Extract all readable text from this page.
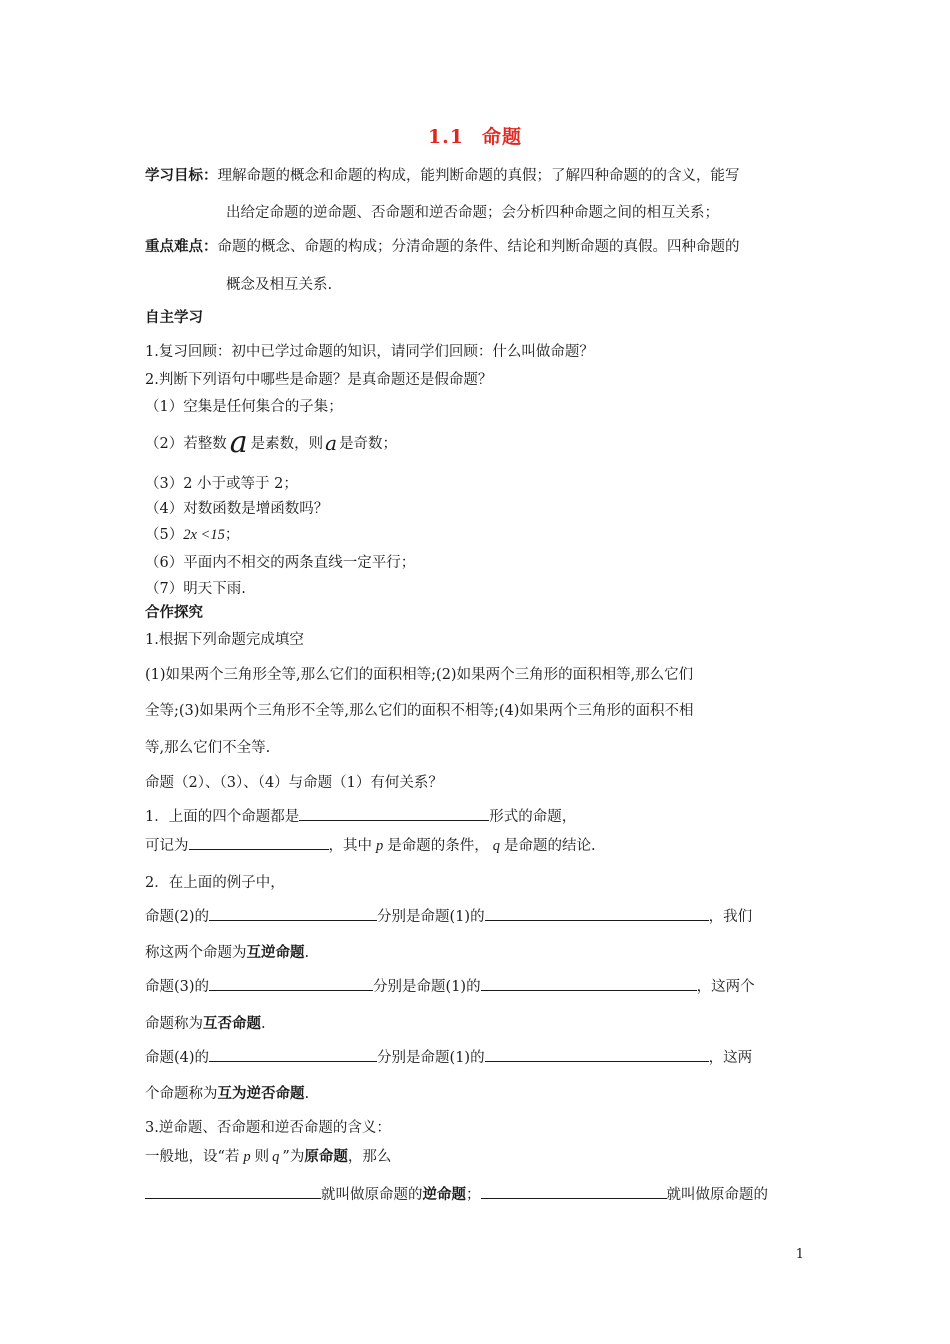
1.1 命题
学习目标：理解命题的概念和命题的构成，能判断命题的真假；了解四种命题的的含义，能写
出给定命题的逆命题、否命题和逆否命题；会分析四种命题之间的相互关系；
重点难点：命题的概念、命题的构成；分清命题的条件、结论和判断命题的真假。四种命题的
概念及相互关系.
自主学习
1.复习回顾：初中已学过命题的知识，请同学们回顾：什么叫做命题？
2.判断下列语句中哪些是命题？是真命题还是假命题？
（1）空集是任何集合的子集；
（2）若整数 a 是素数，则 a 是奇数；
（3）2 小于或等于 2；
（4）对数函数是增函数吗？
（5）2x <15；
（6）平面内不相交的两条直线一定平行；
（7）明天下雨.
合作探究
1.根据下列命题完成填空
(1)如果两个三角形全等,那么它们的面积相等;(2)如果两个三角形的面积相等,那么它们
全等;(3)如果两个三角形不全等,那么它们的面积不相等;(4)如果两个三角形的面积不相
等,那么它们不全等.
命题（2）、（3）、（4）与命题（1）有何关系？
1．上面的四个命题都是	形式的命题，
可记为	，其中 p 是命题的条件， q 是命题的结论.
2．在上面的例子中，
命题(2)的	分别是命题(1)的	，我们
称这两个命题为互逆命题.
命题(3)的	分别是命题(1)的	，这两个
命题称为互否命题.
命题(4)的	分别是命题(1)的	，这两
个命题称为互为逆否命题.
3.逆命题、否命题和逆否命题的含义：
一般地，设“若 p 则 q ”为原命题，那么
就叫做原命题的逆命题；	就叫做原命题的
1
